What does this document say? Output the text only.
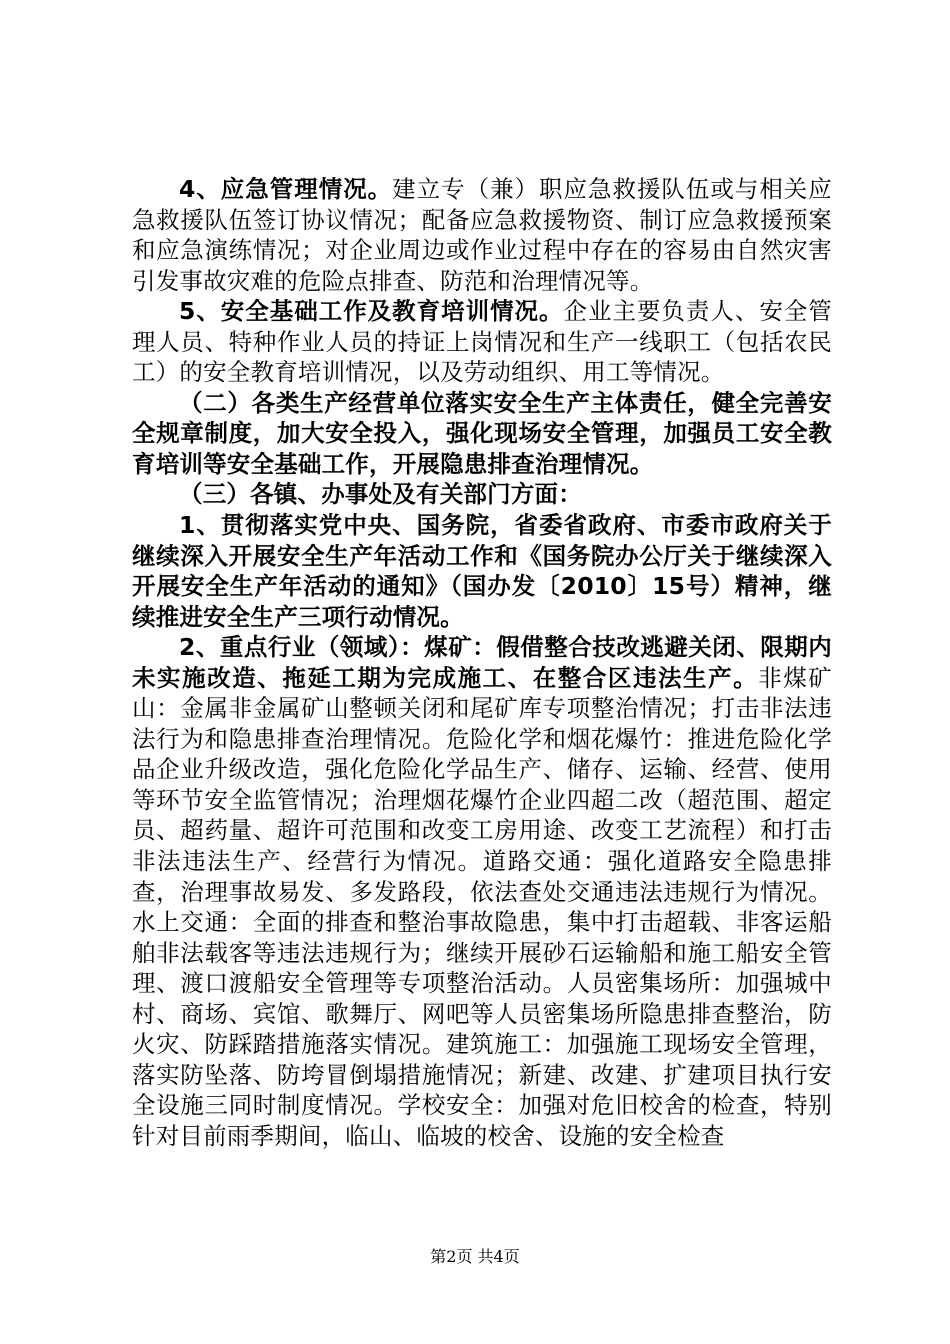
4、应急管理情况。建立专（兼）职应急救援队伍或与相关应急救援队伍签订协议情况；配备应急救援物资、制订应急救援预案和应急演练情况；对企业周边或作业过程中存在的容易由自然灾害引发事故灾难的危险点排查、防范和治理情况等。

5、安全基础工作及教育培训情况。企业主要负责人、安全管理人员、特种作业人员的持证上岗情况和生产一线职工（包括农民工）的安全教育培训情况，以及劳动组织、用工等情况。

（二）各类生产经营单位落实安全生产主体责任，健全完善安全规章制度，加大安全投入，强化现场安全管理，加强员工安全教育培训等安全基础工作，开展隐患排查治理情况。

（三）各镇、办事处及有关部门方面：

1、贯彻落实党中央、国务院，省委省政府、市委市政府关于继续深入开展安全生产年活动工作和《国务院办公厅关于继续深入开展安全生产年活动的通知》（国办发〔2010〕15号）精神，继续推进安全生产三项行动情况。

2、重点行业（领域）：煤矿：假借整合技改逃避关闭、限期内未实施改造、拖延工期为完成施工、在整合区违法生产。非煤矿山：金属非金属矿山整顿关闭和尾矿库专项整治情况；打击非法违法行为和隐患排查治理情况。危险化学和烟花爆竹：推进危险化学品企业升级改造，强化危险化学品生产、储存、运输、经营、使用等环节安全监管情况；治理烟花爆竹企业四超二改（超范围、超定员、超药量、超许可范围和改变工房用途、改变工艺流程）和打击非法违法生产、经营行为情况。道路交通：强化道路安全隐患排查，治理事故易发、多发路段，依法查处交通违法违规行为情况。水上交通：全面的排查和整治事故隐患，集中打击超载、非客运船舶非法载客等违法违规行为；继续开展砂石运输船和施工船安全管理、渡口渡船安全管理等专项整治活动。人员密集场所：加强城中村、商场、宾馆、歌舞厅、网吧等人员密集场所隐患排查整治，防火灾、防踩踏措施落实情况。建筑施工：加强施工现场安全管理，落实防坠落、防垮冒倒塌措施情况；新建、改建、扩建项目执行安全设施三同时制度情况。学校安全：加强对危旧校舍的检查，特别针对目前雨季期间，临山、临坡的校舍、设施的安全检查

第2页 共4页
